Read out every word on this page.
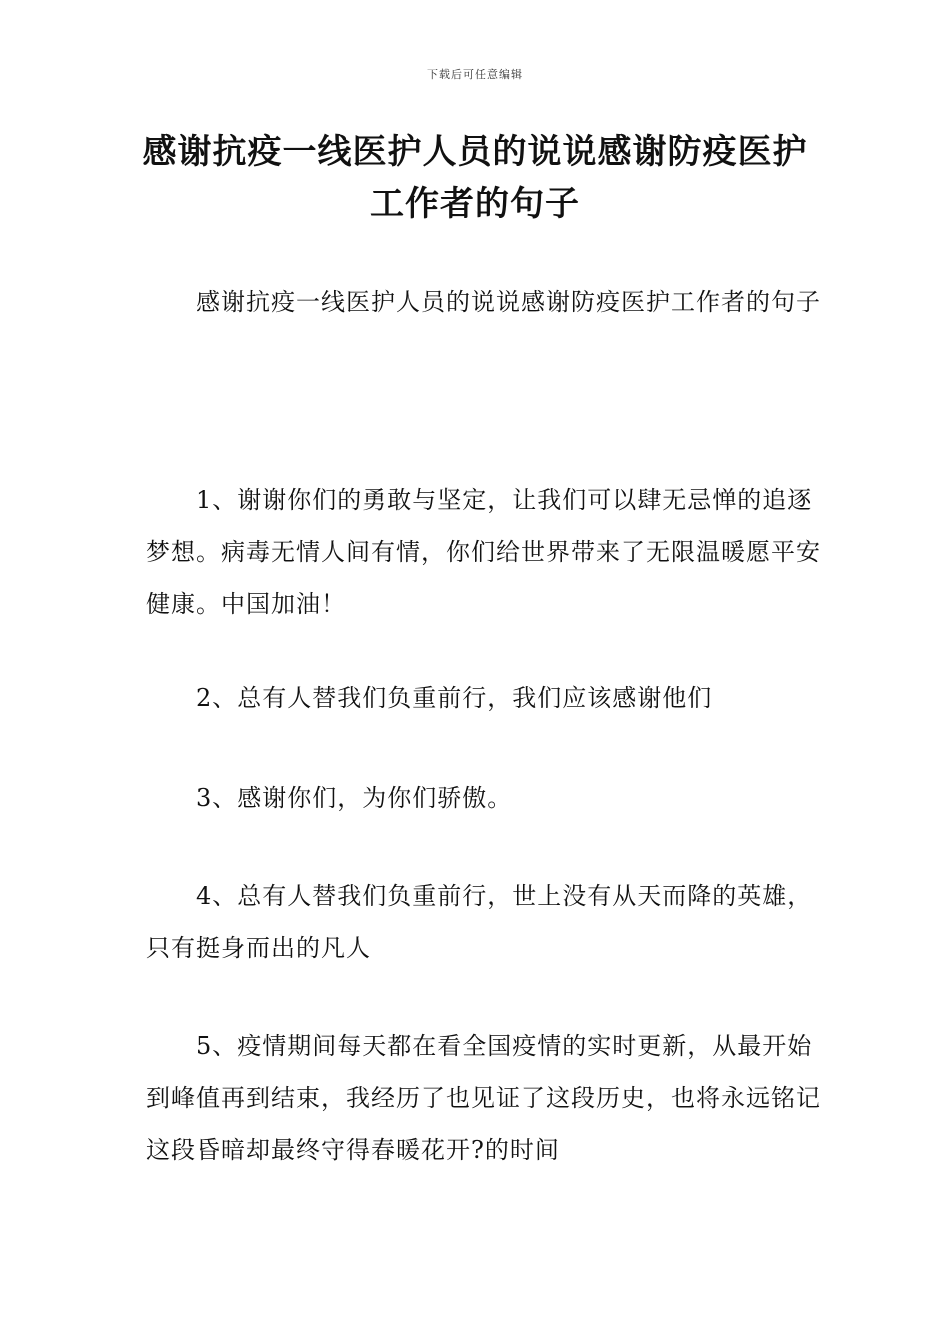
下载后可任意编辑
感谢抗疫一线医护人员的说说感谢防疫医护工作者的句子

感谢抗疫一线医护人员的说说感谢防疫医护工作者的句子

1、谢谢你们的勇敢与坚定，让我们可以肆无忌惮的追逐梦想。病毒无情人间有情，你们给世界带来了无限温暖愿平安健康。中国加油！

2、总有人替我们负重前行，我们应该感谢他们

3、感谢你们，为你们骄傲。

4、总有人替我们负重前行，世上没有从天而降的英雄，只有挺身而出的凡人

5、疫情期间每天都在看全国疫情的实时更新，从最开始到峰值再到结束，我经历了也见证了这段历史，也将永远铭记这段昏暗却最终守得春暖花开?的时间
